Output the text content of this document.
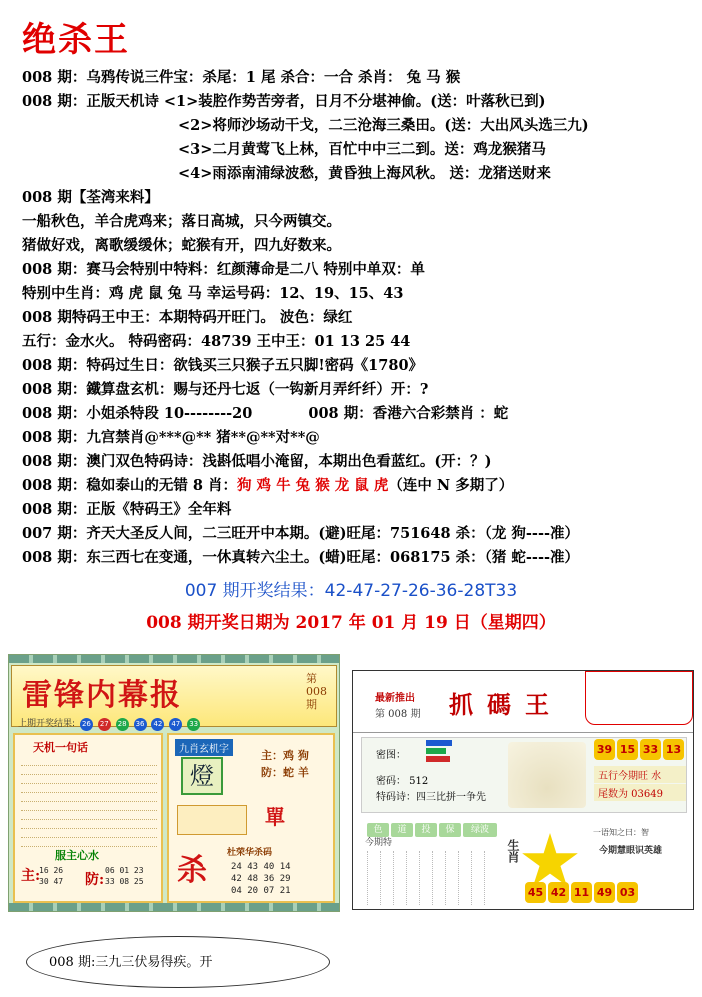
绝杀王
008 期：乌鸦传说三件宝：杀尾：1 尾 杀合：一合 杀肖： 兔 马 猴
008 期：正版天机诗 <1>装腔作势苦旁者，日月不分堪神偷。(送：叶落秋已到)
<2>将师沙场动干戈，二三沧海三桑田。(送：大出风头选三九)
<3>二月黄莺飞上林，百忙中中三二到。送：鸡龙猴猪马
<4>雨添南浦绿波愁，黄昏独上海风秋。 送：龙猪送财来
008 期【荃湾来料】
一船秋色，羊合虎鸡来；落日高城，只今两镇交。
猪做好戏，离歌缓缓休；蛇猴有开，四九好数来。
008 期：赛马会特别中特料：红颜薄命是二八 特别中单双：单
特别中生肖：鸡 虎 鼠 兔 马 幸运号码：12、19、15、43
008 期特码王中王：本期特码开旺门。 波色：绿红
五行：金水火。 特码密码：48739 王中王：01 13 25 44
008 期：特码过生日：欲钱买三只猴子五只脚!密码《1780》
008 期：鐵算盘玄机：赐与还丹七返（一钩新月弄纤纤）开：?
008 期：小姐杀特段 10--------20	008 期：香港六合彩禁肖 ：蛇
008 期：九宫禁肖@***@** 猪**@**对**@
008 期：澳门双色特码诗：浅斟低唱小淹留，本期出色看蓝红。(开：？)
008 期：稳如泰山的无错 8 肖：狗 鸡 牛 兔 猴 龙 鼠 虎（连中 N 多期了）
008 期：正版《特码王》全年料
007 期：齐天大圣反人间，二三旺开中本期。(避)旺尾：751648 杀：（龙 狗----准）
008 期：东三西七在变通，一休真转六尘土。(蜡)旺尾：068175 杀：（猪 蛇----准）
007 期开奖结果：42-47-27-26-36-28T33
008 期开奖日期为 2017 年 01 月 19 日（星期四）
雷锋内幕报	第 008 期
上期开奖结果: 26 27 28 36 42 47 33
天机一句话
服主心水
主:
16 26
30 47 防:
06 01 23
33 08 25
九肖玄机字
燈
主：鸡 狗
防：蛇 羊
單
杀 杜荣华杀码
24 43 40 14
42 48 36 29
04 20 07 21
最新推出
第 008 期 抓碼王
密图：
密码： 512
特码诗：四三比拼一争先
39 15 33 13
五行今期旺 水
尾数为 03649
色 道 投 保 绿波
今期特	生肖
一语知之曰：智
今期慧眼识英雄
45 42 11 49 03
008 期:三九三伏易得疾。开
